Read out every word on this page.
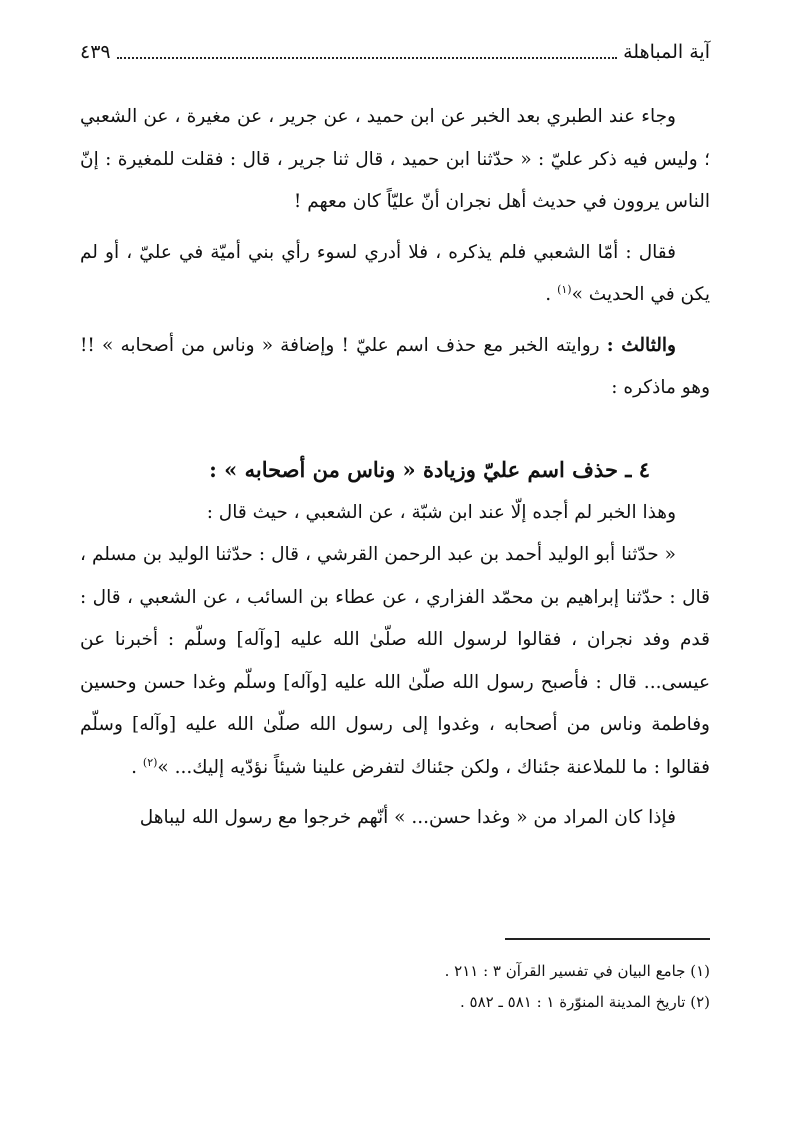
آية المباهلة
٤٣٩

وجاء عند الطبري بعد الخبر عن ابن حميد ، عن جرير ، عن مغيرة ، عن الشعبي ؛ وليس فيه ذكر عليّ : « حدّثنا ابن حميد ، قال ثنا جرير ، قال : فقلت للمغيرة : إنّ الناس يروون في حديث أهل نجران أنّ عليّاً كان معهم !

فقال : أمّا الشعبي فلم يذكره ، فلا أدري لسوء رأي بني أميّة في عليّ ، أو لم يكن في الحديث »$^{(١)}$ .

والثالث : روايته الخبر مع حذف اسم عليّ ! وإضافة « وناس من أصحابه » !! وهو ماذكره :

٤ ـ حذف اسم عليّ وزيادة « وناس من أصحابه » :

وهذا الخبر لم أجده إلّا عند ابن شبّة ، عن الشعبي ، حيث قال :

« حدّثنا أبو الوليد أحمد بن عبد الرحمن القرشي ، قال : حدّثنا الوليد بن مسلم ، قال : حدّثنا إبراهيم بن محمّد الفزاري ، عن عطاء بن السائب ، عن الشعبي ، قال : قدم وفد نجران ، فقالوا لرسول الله صلّىٰ الله عليه [وآله] وسلّم : أخبرنا عن عيسى... قال : فأصبح رسول الله صلّىٰ الله عليه [وآله] وسلّم وغدا حسن وحسين وفاطمة وناس من أصحابه ، وغدوا إلى رسول الله صلّىٰ الله عليه [وآله] وسلّم فقالوا : ما للملاعنة جئناك ، ولكن جئناك لتفرض علينا شيئاً نؤدّيه إليك... »$^{(٢)}$ .

فإذا كان المراد من « وغدا حسن... » أنّهم خرجوا مع رسول الله ليباهل

(١) جامع البيان في تفسير القرآن ٣ : ٢١١ .

(٢) تاريخ المدينة المنوّرة ١ : ٥٨١ ـ ٥٨٢ .
